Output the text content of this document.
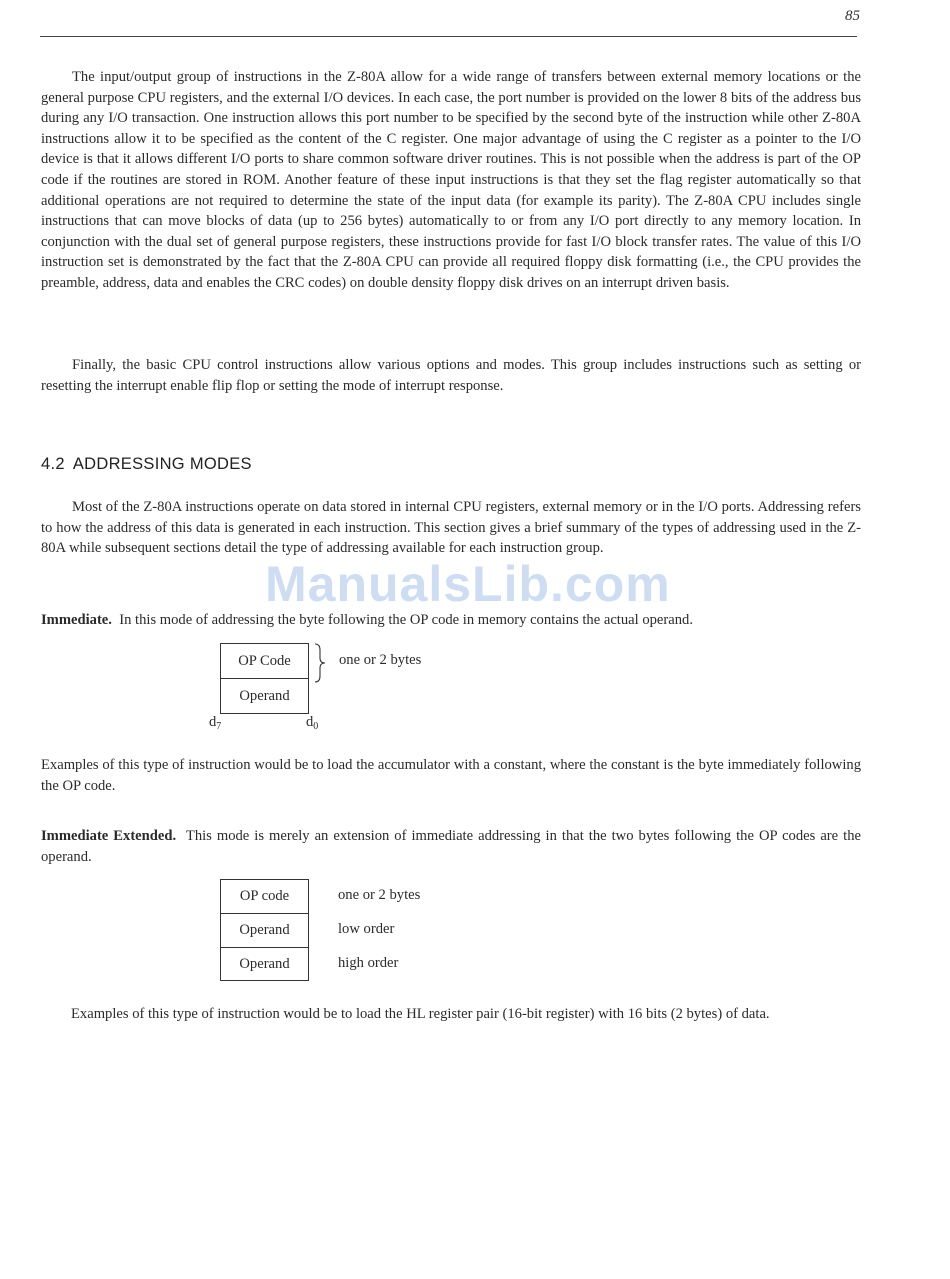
85

The input/output group of instructions in the Z-80A allow for a wide range of transfers between external memory locations or the general purpose CPU registers, and the external I/O devices. In each case, the port number is provided on the lower 8 bits of the address bus during any I/O transaction. One instruction allows this port number to be specified by the second byte of the instruction while other Z-80A instructions allow it to be specified as the content of the C register. One major advantage of using the C register as a pointer to the I/O device is that it allows different I/O ports to share common software driver routines. This is not possible when the address is part of the OP code if the routines are stored in ROM. Another feature of these input instructions is that they set the flag register automatically so that additional operations are not required to determine the state of the input data (for example its parity). The Z-80A CPU includes single instructions that can move blocks of data (up to 256 bytes) automatically to or from any I/O port directly to any memory location. In conjunction with the dual set of general purpose registers, these instructions provide for fast I/O block transfer rates. The value of this I/O instruction set is demonstrated by the fact that the Z-80A CPU can provide all required floppy disk formatting (i.e., the CPU provides the preamble, address, data and enables the CRC codes) on double density floppy disk drives on an interrupt driven basis.

Finally, the basic CPU control instructions allow various options and modes. This group includes instructions such as setting or resetting the interrupt enable flip flop or setting the mode of interrupt response.

4.2 ADDRESSING MODES

Most of the Z-80A instructions operate on data stored in internal CPU registers, external memory or in the I/O ports. Addressing refers to how the address of this data is generated in each instruction. This section gives a brief summary of the types of addressing used in the Z-80A while subsequent sections detail the type of addressing available for each instruction group.

ManualsLib.com

Immediate. In this mode of addressing the byte following the OP code in memory contains the actual operand.

OP Code
Operand
one or 2 bytes
$d_7$	$d_0$

Examples of this type of instruction would be to load the accumulator with a constant, where the constant is the byte immediately following the OP code.

Immediate Extended. This mode is merely an extension of immediate addressing in that the two bytes following the OP codes are the operand.

OP code
Operand
Operand
one or 2 bytes
low order
high order

Examples of this type of instruction would be to load the HL register pair (16-bit register) with 16 bits (2 bytes) of data.
